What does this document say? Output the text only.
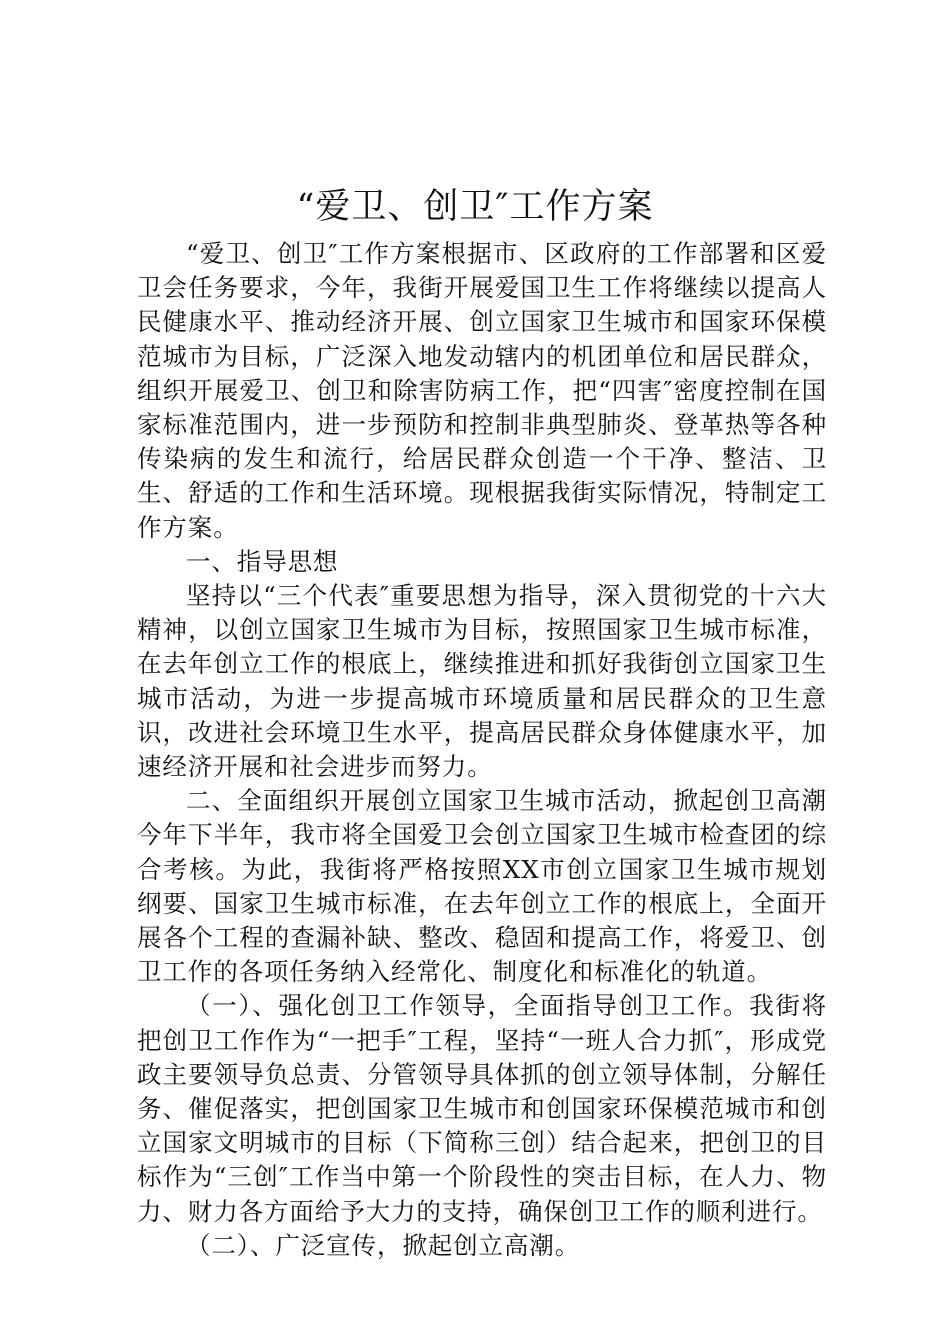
“爱卫、创卫″工作方案

“爱卫、创卫″工作方案根据市、区政府的工作部署和区爱卫会任务要求，今年，我街开展爱国卫生工作将继续以提高人民健康水平、推动经济开展、创立国家卫生城市和国家环保模范城市为目标，广泛深入地发动辖内的机团单位和居民群众，组织开展爱卫、创卫和除害防病工作，把“四害″密度控制在国家标准范围内，进一步预防和控制非典型肺炎、登革热等各种传染病的发生和流行，给居民群众创造一个干净、整洁、卫生、舒适的工作和生活环境。现根据我街实际情况，特制定工作方案。

一、指导思想

坚持以“三个代表″重要思想为指导，深入贯彻党的十六大精神，以创立国家卫生城市为目标，按照国家卫生城市标准，在去年创立工作的根底上，继续推进和抓好我街创立国家卫生城市活动，为进一步提高城市环境质量和居民群众的卫生意识，改进社会环境卫生水平，提高居民群众身体健康水平，加速经济开展和社会进步而努力。

二、全面组织开展创立国家卫生城市活动，掀起创卫高潮今年下半年，我市将全国爱卫会创立国家卫生城市检查团的综合考核。为此，我街将严格按照XX市创立国家卫生城市规划纲要、国家卫生城市标准，在去年创立工作的根底上，全面开展各个工程的查漏补缺、整改、稳固和提高工作，将爱卫、创卫工作的各项任务纳入经常化、制度化和标准化的轨道。

（一）、强化创卫工作领导，全面指导创卫工作。我街将把创卫工作作为“一把手″工程，坚持“一班人合力抓″，形成党政主要领导负总责、分管领导具体抓的创立领导体制，分解任务、催促落实，把创国家卫生城市和创国家环保模范城市和创立国家文明城市的目标（下简称三创）结合起来，把创卫的目标作为“三创″工作当中第一个阶段性的突击目标，在人力、物力、财力各方面给予大力的支持，确保创卫工作的顺利进行。

（二）、广泛宣传，掀起创立高潮。
